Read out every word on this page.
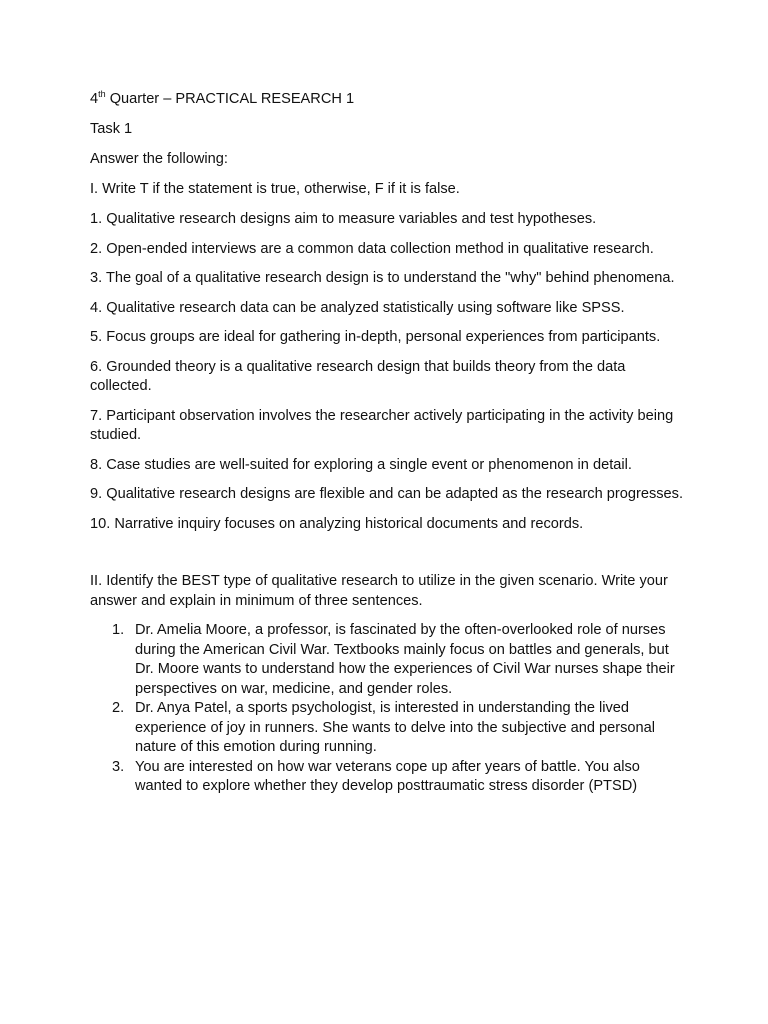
4th Quarter – PRACTICAL RESEARCH 1

Task 1

Answer the following:

I. Write T if the statement is true, otherwise, F if it is false.

1. Qualitative research designs aim to measure variables and test hypotheses.

2. Open-ended interviews are a common data collection method in qualitative research.

3. The goal of a qualitative research design is to understand the "why" behind phenomena.

4. Qualitative research data can be analyzed statistically using software like SPSS.

5. Focus groups are ideal for gathering in-depth, personal experiences from participants.

6. Grounded theory is a qualitative research design that builds theory from the data collected.

7. Participant observation involves the researcher actively participating in the activity being studied.

8. Case studies are well-suited for exploring a single event or phenomenon in detail.

9. Qualitative research designs are flexible and can be adapted as the research progresses.

10. Narrative inquiry focuses on analyzing historical documents and records.

II. Identify the BEST type of qualitative research to utilize in the given scenario. Write your answer and explain in minimum of three sentences.

1. Dr. Amelia Moore, a professor, is fascinated by the often-overlooked role of nurses during the American Civil War. Textbooks mainly focus on battles and generals, but Dr. Moore wants to understand how the experiences of Civil War nurses shape their perspectives on war, medicine, and gender roles.
2. Dr. Anya Patel, a sports psychologist, is interested in understanding the lived experience of joy in runners. She wants to delve into the subjective and personal nature of this emotion during running.
3. You are interested on how war veterans cope up after years of battle. You also wanted to explore whether they develop posttraumatic stress disorder (PTSD)
